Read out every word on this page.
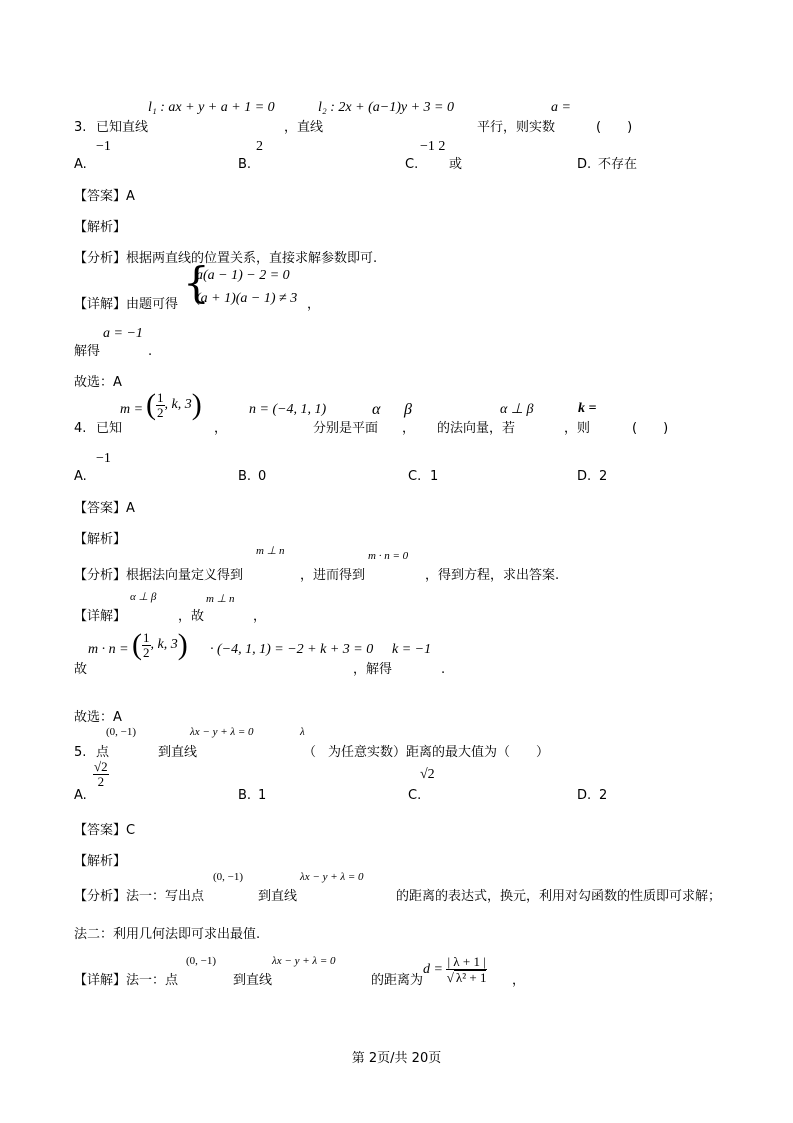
l₁ : ax + y + a + 1 = 0	l₂ : 2x + (a−1)y + 3 = 0	a =
3. 已知直线	，直线	平行，则实数	(　　)
−1	2	−1 2
A.	B.	C. 或	D. 不存在
【答案】A
【解析】
【分析】根据两直线的位置关系，直接求解参数即可.
{
a(a − 1) − 2 = 0
(a + 1)(a − 1) ≠ 3
【详解】由题可得	，
a = −1
解得	.
故选：A
m = ( $\frac{1}{2}$ , k, 3)	n = (−4, 1, 1)	α β	α ⊥ β	k =
4. 已知	，	分别是平面 ， 的法向量，若	，则	(　　)
−1
A.	B. 0	C. 1	D. 2
【答案】A
【解析】
m ⊥ n	m · n = 0
【分析】根据法向量定义得到	，进而得到	，得到方程，求出答案.
α ⊥ β	m ⊥ n
【详解】	，故	，
m · n = ( $\frac{1}{2}$ , k, 3) · (−4, 1, 1) = −2 + k + 3 = 0 k = −1
故	，解得	.
故选：A
(0, −1)	λx − y + λ = 0	λ
5. 点	到直线	（ 为任意实数）距离的最大值为（　　）
$\frac{√2}{2}$	√2
A.	B. 1	C.	D. 2
【答案】C
【解析】
(0, −1)	λx − y + λ = 0
【分析】法一：写出点	到直线	的距离的表达式，换元，利用对勾函数的性质即可求解；
法二：利用几何法即可求出最值.
(0, −1)	λx − y + λ = 0
$d = \frac{| \lambda + 1 |}{\text{√ λ² + 1}}$
【详解】法一：点	到直线	的距离为	，
第 2页/共 20页
